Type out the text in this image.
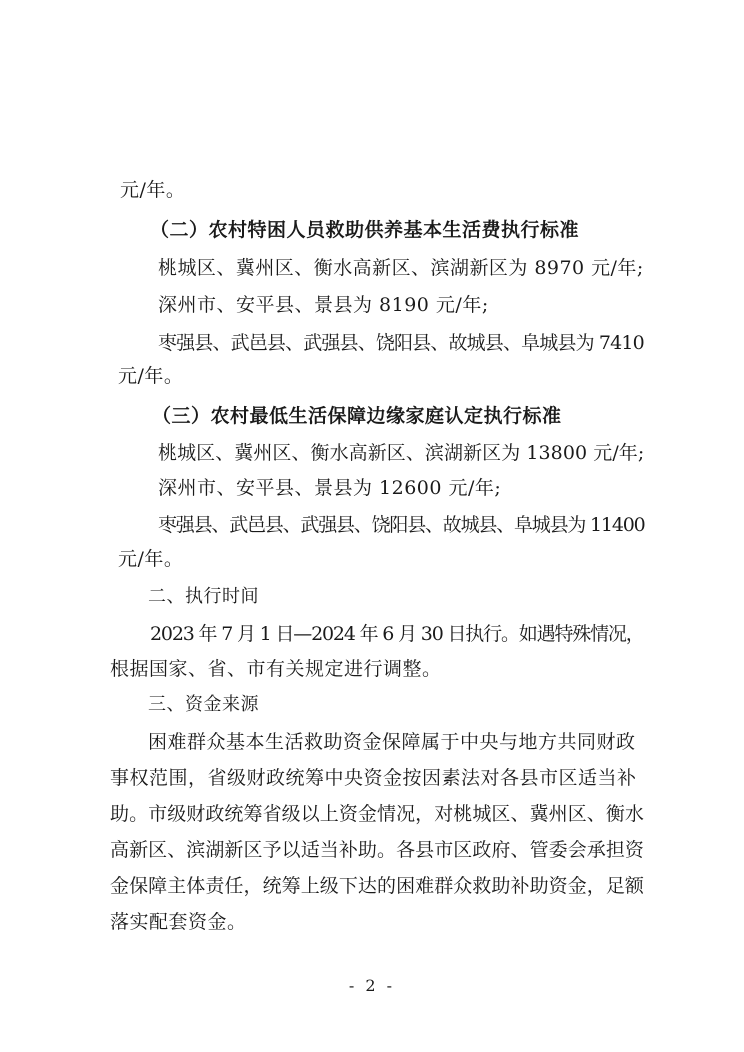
元/年。
（二）农村特困人员救助供养基本生活费执行标准
桃城区、冀州区、衡水高新区、滨湖新区为 8970 元/年;
深州市、安平县、景县为 8190 元/年;
枣强县、武邑县、武强县、饶阳县、故城县、阜城县为 7410
元/年。
（三）农村最低生活保障边缘家庭认定执行标准
桃城区、冀州区、衡水高新区、滨湖新区为 13800 元/年;
深州市、安平县、景县为 12600 元/年;
枣强县、武邑县、武强县、饶阳县、故城县、阜城县为 11400
元/年。
二、执行时间
2023 年 7 月 1 日—2024 年 6 月 30 日执行。如遇特殊情况，
根据国家、省、市有关规定进行调整。
三、资金来源
困难群众基本生活救助资金保障属于中央与地方共同财政
事权范围，省级财政统筹中央资金按因素法对各县市区适当补
助。市级财政统筹省级以上资金情况，对桃城区、冀州区、衡水
高新区、滨湖新区予以适当补助。各县市区政府、管委会承担资
金保障主体责任，统筹上级下达的困难群众救助补助资金，足额
落实配套资金。
- 2 -
